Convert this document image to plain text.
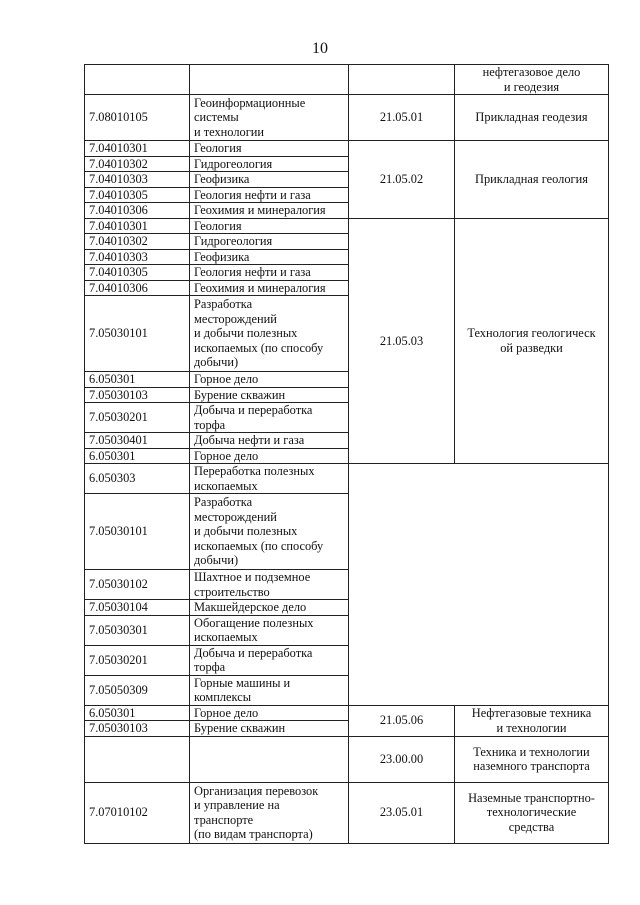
10
			нефтегазовое дело
и геодезия	
7.08010105	Геоинформационные
системы
и технологии	21.05.01	Прикладная геодезия	
7.04010301	Геология	21.05.02	Прикладная геология	
7.04010302	Гидрогеология			
7.04010303	Геофизика			
7.04010305	Геология нефти и газа			
7.04010306	Геохимия и минералогия			
7.04010301	Геология	21.05.03	Технология геологическ
ой разведки	
7.04010302	Гидрогеология			
7.04010303	Геофизика			
7.04010305	Геология нефти и газа			
7.04010306	Геохимия и минералогия			
7.05030101	Разработка
месторождений
и добычи полезных
ископаемых (по способу
добычи)			
6.050301	Горное дело			
7.05030103	Бурение скважин			
7.05030201	Добыча и переработка
торфа			
7.05030401	Добыча нефти и газа			
6.050301	Горное дело		
6.050303	Переработка полезных
ископаемых			
7.05030101	Разработка
месторождений
и добычи полезных
ископаемых (по способу
добычи)			
7.05030102	Шахтное и подземное
строительство			
7.05030104	Макшейдерское дело			
7.05030301	Обогащение полезных
ископаемых			
7.05030201	Добыча и переработка
торфа			
7.05050309	Горные машины и
комплексы			
6.050301	Горное дело	21.05.06	Нефтегазовые техника
и технологии	
7.05030103	Бурение скважин			
		23.00.00	Техника и технологии
наземного транспорта	
7.07010102	Организация перевозок
и управление на
транспорте
(по видам транспорта)	23.05.01	Наземные транспортно-
технологические
средства	
